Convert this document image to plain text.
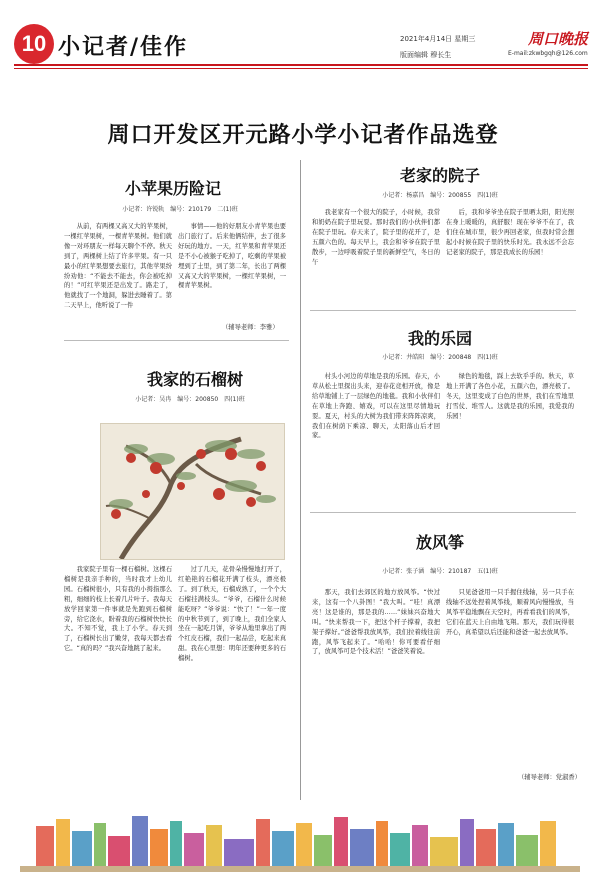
10 小记者/佳作	2021年4月14日 星期三
版面编辑 穆长生
周口晚报
E-mail:zkwbgqh@126.com
周口开发区开元路小学小记者作品选登
小苹果历险记
小记者：许锐轨　编号：210179　二(1)班

从前，有两棵又高又大的苹果树，一棵红苹果树，一棵青苹果树。他们就像一对环朋友一样每天聊个不停。秋天到了，两棵树上结了许多苹果。有一只最小的红苹果想要去旅行，其他苹果纷纷劝他：“不能去不能去，你会被吃掉的！”可红苹果还是出发了。路走了，他就找了一个地洞，躲进去睡着了。第二天早上，他听说了一件

事情——他的好朋友小青苹果也要出门旅行了。后来他俩结伴，去了很多好玩的地方。一天，红苹果和青苹果还是不小心被猴子吃掉了，吃剩的苹果被埋到了土里，到了第二年，长出了两棵又高又大的苹果树，一棵红苹果树，一棵青苹果树。

（辅导老师：李雅）
我家的石榴树
小记者：吴冉　编号：200850　四(1)班

我家院子里有一棵石榴树。这棵石榴树是我亲手种的，当时我才上幼儿园。石榴树很小，只有我的小拇指那么粗，细细的枝上长着几片叶子。我每天放学回家第一件事就是先跑到石榴树旁，给它浇水，盼着我的石榴树快快长大。不知不觉，我上了小学。春天到了，石榴树长出了嫩芽，我每天都去看它。“真的吗？”我兴奋地跳了起来。

过了几天，花骨朵慢慢地打开了，红艳艳的石榴花开满了枝头，漂亮极了。到了秋天，石榴成熟了，一个个大石榴挂满枝头。“爷爷，石榴什么时候能吃呀？”爷爷说：“快了！”一年一度的中秋节到了，到了晚上，我们全家人坐在一起吃月饼，爷爷从地里拿出了两个红皮石榴，我们一起品尝，吃起来真甜。我在心里想：明年还要种更多的石榴树。

老家的院子
小记者：杨嘉昌　编号：200855　四(1)班

我老家有一个很大的院子，小时候，我常和奶奶在院子里玩耍。那时我们的小伙伴们都在院子里玩。春天来了，院子里的花开了，是五颜六色的。每天早上，我会和爷爷在院子里散步，一边呼吸着院子里的新鲜空气，冬日的午

后，我和爷爷坐在院子里晒太阳，阳光照在身上暖暖的，真舒服！现在爷爷不在了，我们住在城市里，很少再回老家，但我时常会想起小时候在院子里的快乐时光。我永远不会忘记老家的院子，那是我成长的乐园！

我的乐园
小记者：井皓阳　编号：200848　四(1)班

村头小河边的草地是我的乐园。春天，小草从松土里探出头来，迎春花竞相开放，像是给草地铺上了一层绿色的地毯。我和小伙伴们在草地上奔跑、嬉戏，可以在这里尽情地玩耍。夏天，村头的大树为我们带来阵阵凉爽，我们在树荫下乘凉、聊天，太阳落山后才回家。

绿色的地毯，踩上去软乎乎的。秋天，草地上开满了各色小花，五颜六色，漂亮极了。冬天，这里变成了白色的世界，我们在雪地里打雪仗、堆雪人。这就是我的乐园，我爱我的乐园！

放风筝
小记者：张子涵　编号：210187　五(1)班

那天，我们去郊区的地方放风筝。“快过来，这有一个八卦图！”我大叫。“哇！真漂亮！这是谁的，那是我的……”妹妹兴奋地大叫。“快来帮我一下，把这个杆子撑着，我把架子撑好。”爸爸帮我放风筝，我们拉着线往前跑，风筝飞起来了。“哈哈！你可要看仔细了，放风筝可是个技术活！”爸爸笑着说。

只见爸爸用一只手握住线轴，另一只手在线轴不远处捏着风筝线，顺着风向慢慢放，当风筝平稳地飘在天空时，再看看我们的风筝，它们在蓝天上自由地飞翔。那天，我们玩得很开心，真希望以后还能和爸爸一起去放风筝。

（辅导老师：党淑香）
